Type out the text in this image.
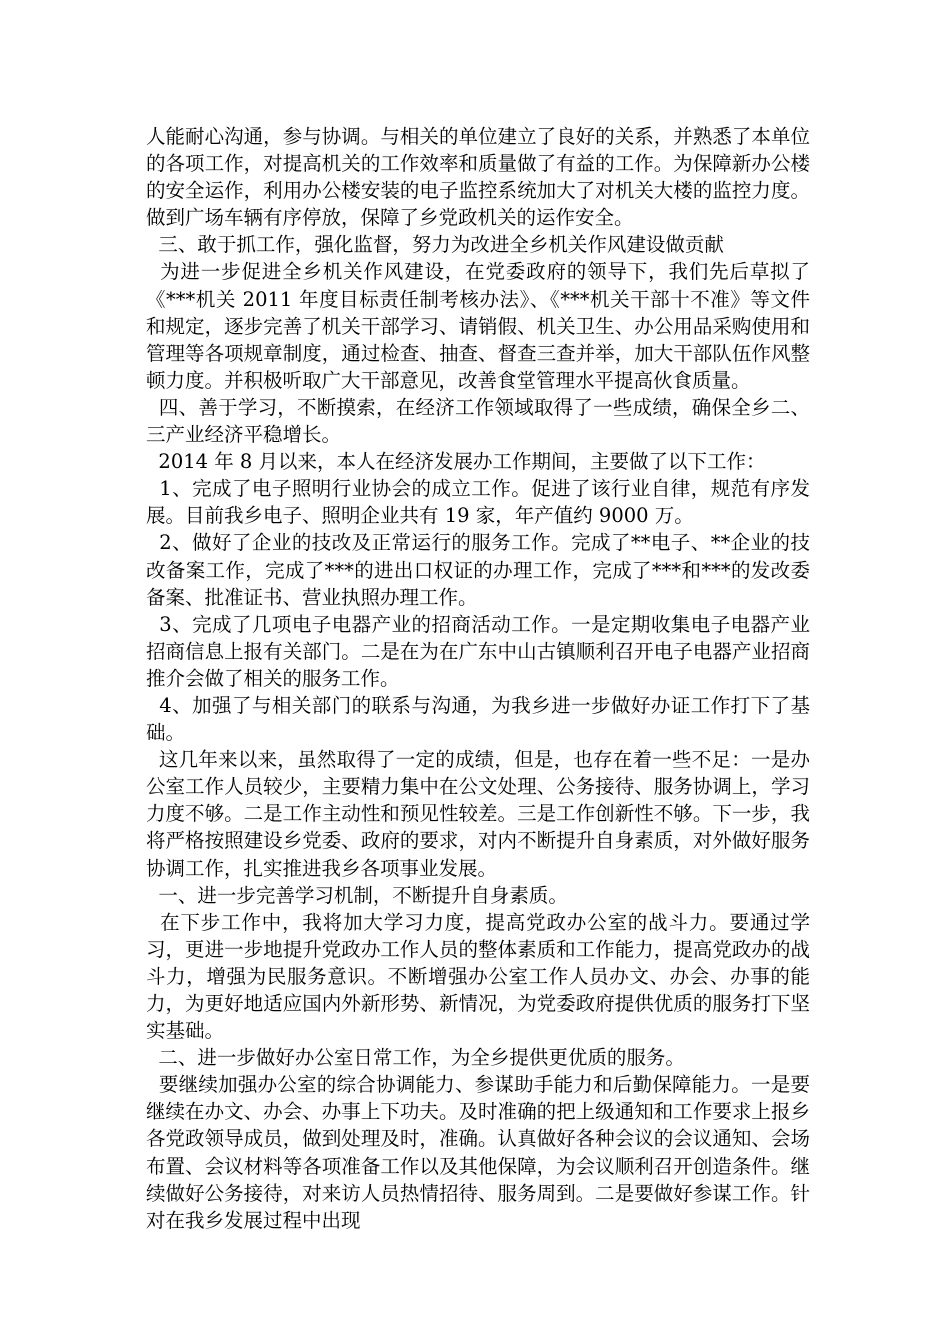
人能耐心沟通，参与协调。与相关的单位建立了良好的关系，并熟悉了本单位的各项工作，对提高机关的工作效率和质量做了有益的工作。为保障新办公楼的安全运作，利用办公楼安装的电子监控系统加大了对机关大楼的监控力度。做到广场车辆有序停放，保障了乡党政机关的运作安全。

三、敢于抓工作，强化监督，努力为改进全乡机关作风建设做贡献

为进一步促进全乡机关作风建设，在党委政府的领导下，我们先后草拟了《***机关 2011 年度目标责任制考核办法》、《***机关干部十不准》等文件和规定，逐步完善了机关干部学习、请销假、机关卫生、办公用品采购使用和管理等各项规章制度，通过检查、抽查、督查三查并举，加大干部队伍作风整顿力度。并积极听取广大干部意见，改善食堂管理水平提高伙食质量。

四、善于学习，不断摸索，在经济工作领域取得了一些成绩，确保全乡二、三产业经济平稳增长。

2014 年 8 月以来，本人在经济发展办工作期间，主要做了以下工作：

1、完成了电子照明行业协会的成立工作。促进了该行业自律，规范有序发展。目前我乡电子、照明企业共有 19 家，年产值约 9000 万。

2、做好了企业的技改及正常运行的服务工作。完成了**电子、**企业的技改备案工作，完成了***的进出口权证的办理工作，完成了***和***的发改委备案、批准证书、营业执照办理工作。

3、完成了几项电子电器产业的招商活动工作。一是定期收集电子电器产业招商信息上报有关部门。二是在为在广东中山古镇顺利召开电子电器产业招商推介会做了相关的服务工作。

4、加强了与相关部门的联系与沟通，为我乡进一步做好办证工作打下了基础。

这几年来以来，虽然取得了一定的成绩，但是，也存在着一些不足：一是办公室工作人员较少，主要精力集中在公文处理、公务接待、服务协调上，学习力度不够。二是工作主动性和预见性较差。三是工作创新性不够。下一步，我将严格按照建设乡党委、政府的要求，对内不断提升自身素质，对外做好服务协调工作，扎实推进我乡各项事业发展。

一、进一步完善学习机制，不断提升自身素质。

在下步工作中，我将加大学习力度，提高党政办公室的战斗力。要通过学习，更进一步地提升党政办工作人员的整体素质和工作能力，提高党政办的战斗力，增强为民服务意识。不断增强办公室工作人员办文、办会、办事的能力，为更好地适应国内外新形势、新情况，为党委政府提供优质的服务打下坚实基础。

二、进一步做好办公室日常工作，为全乡提供更优质的服务。

要继续加强办公室的综合协调能力、参谋助手能力和后勤保障能力。一是要继续在办文、办会、办事上下功夫。及时准确的把上级通知和工作要求上报乡各党政领导成员，做到处理及时，准确。认真做好各种会议的会议通知、会场布置、会议材料等各项准备工作以及其他保障，为会议顺利召开创造条件。继续做好公务接待，对来访人员热情招待、服务周到。二是要做好参谋工作。针对在我乡发展过程中出现
